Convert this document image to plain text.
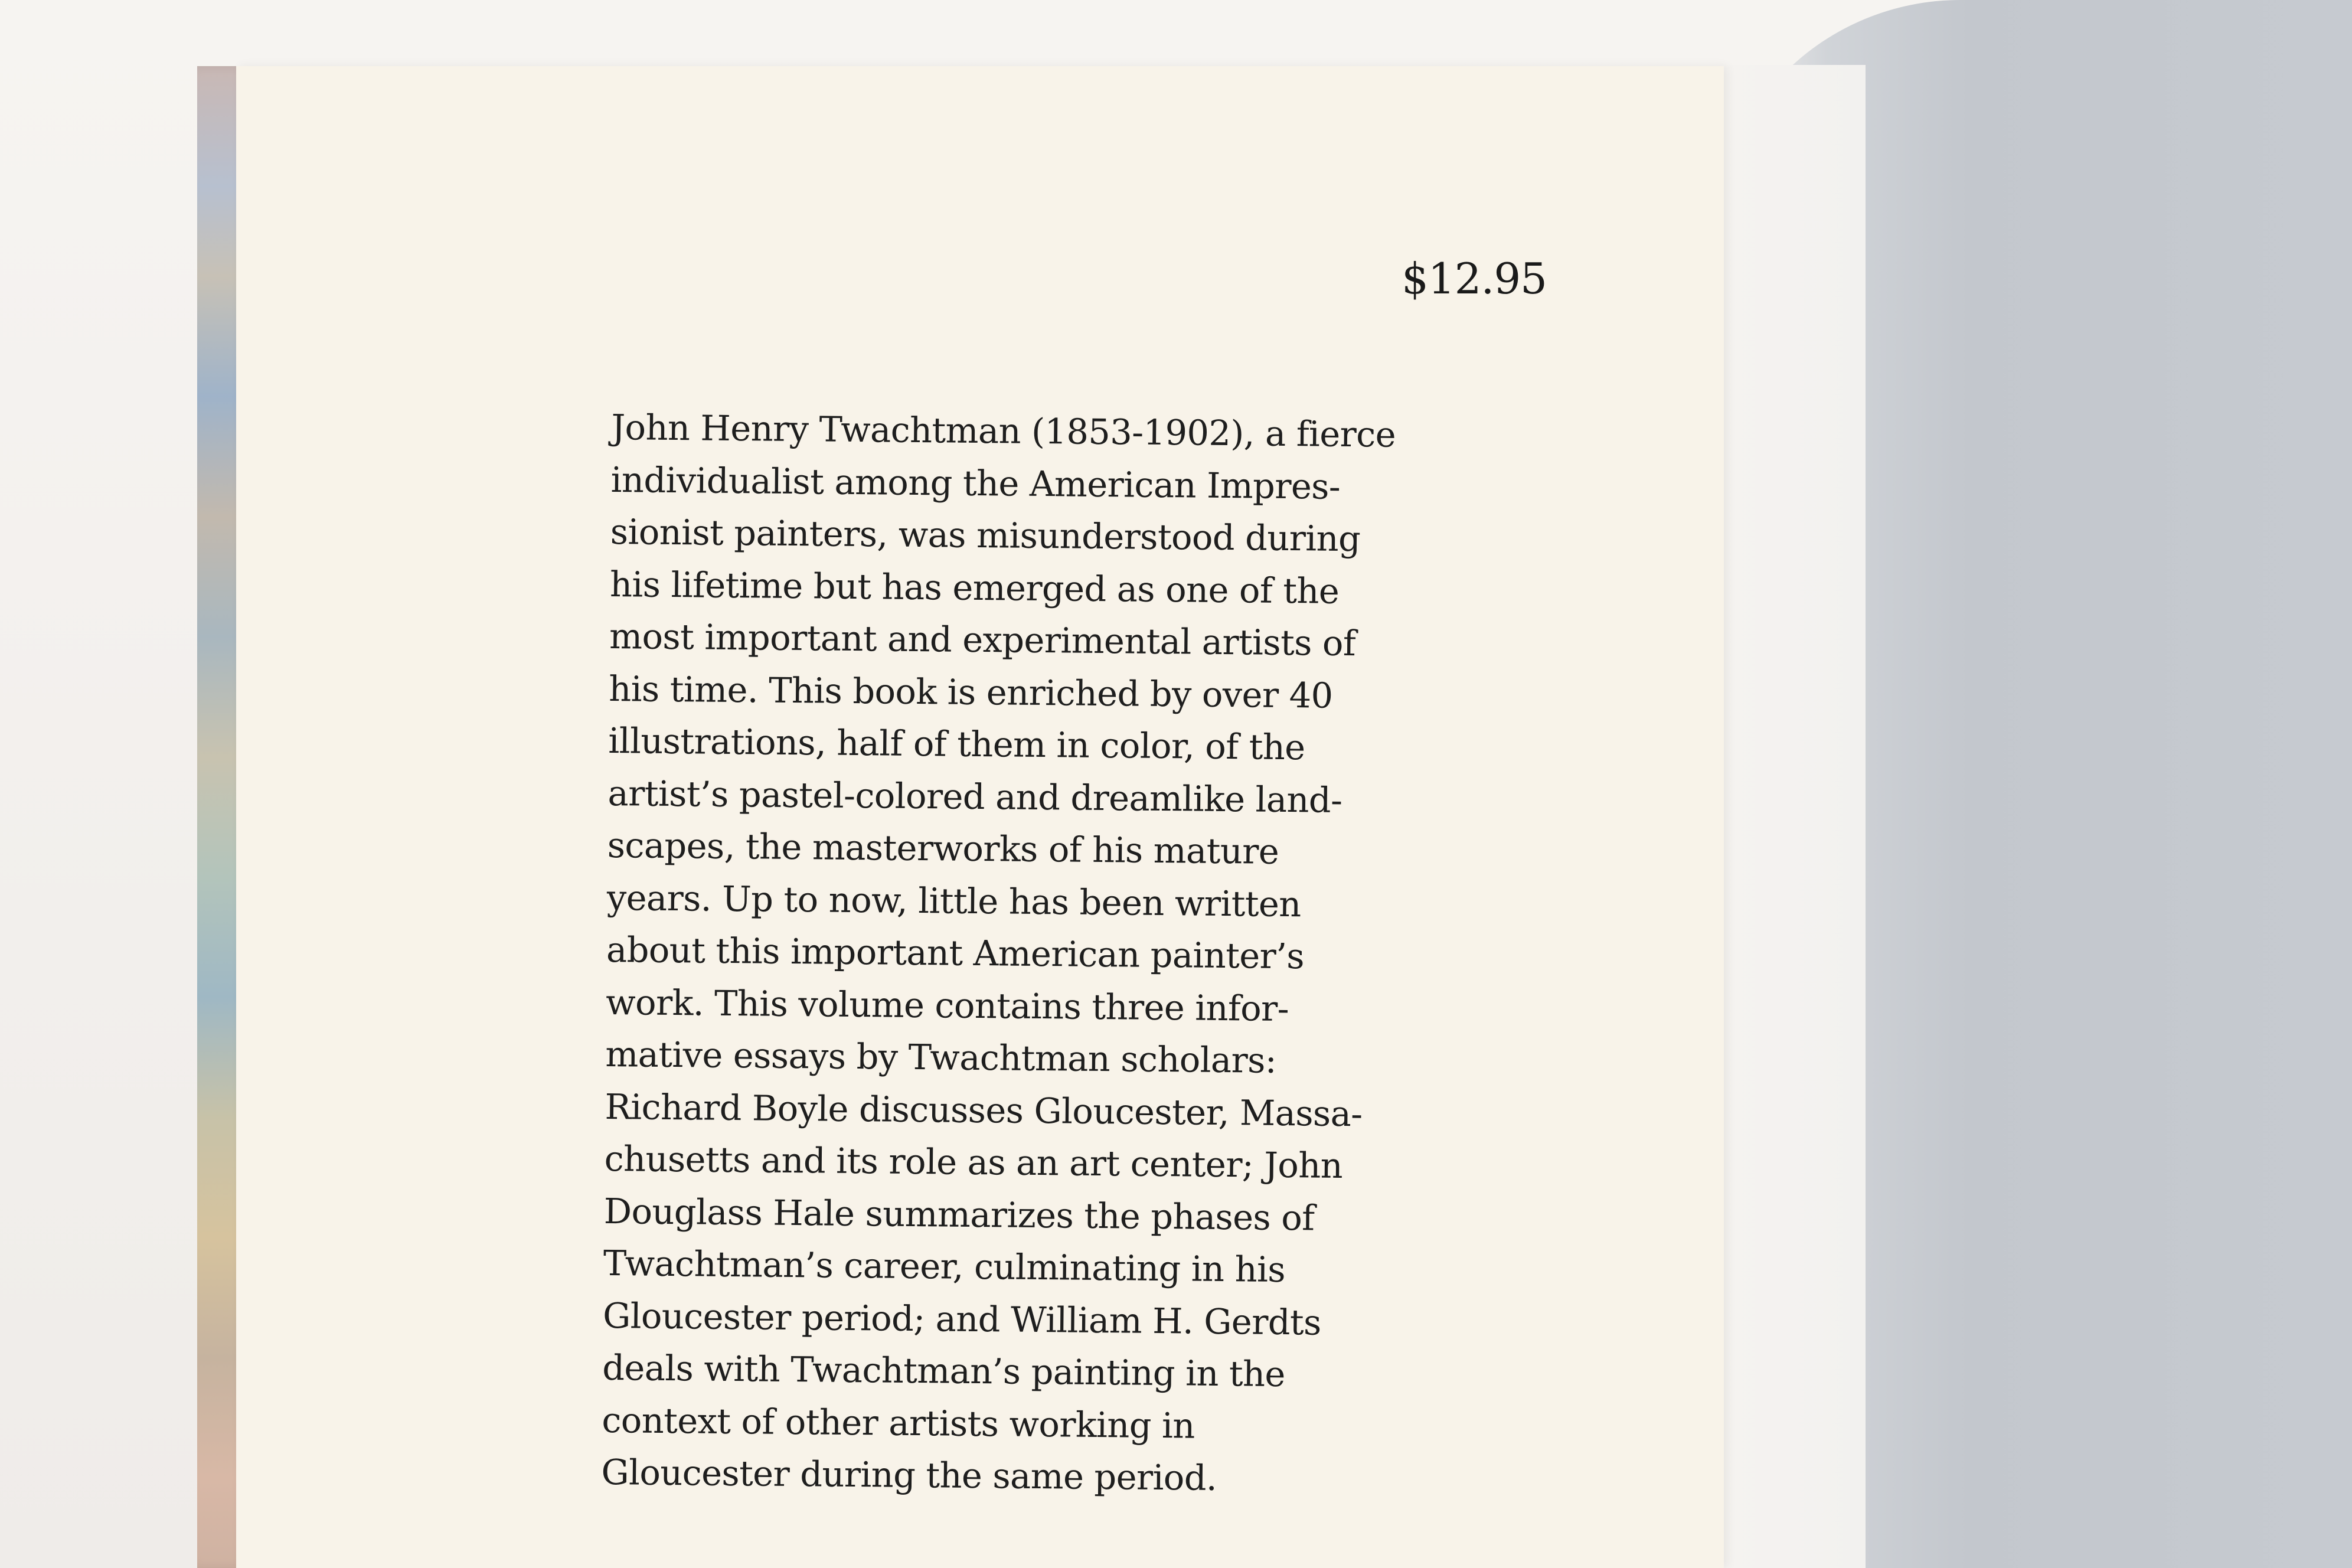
$12.95
John Henry Twachtman (1853-1902), a fierce
individualist among the American Impres-
sionist painters, was misunderstood during
his lifetime but has emerged as one of the
most important and experimental artists of
his time. This book is enriched by over 40
illustrations, half of them in color, of the
artist’s pastel-colored and dreamlike land-
scapes, the masterworks of his mature
years. Up to now, little has been written
about this important American painter’s
work. This volume contains three infor-
mative essays by Twachtman scholars:
Richard Boyle discusses Gloucester, Massa-
chusetts and its role as an art center; John
Douglass Hale summarizes the phases of
Twachtman’s career, culminating in his
Gloucester period; and William H. Gerdts
deals with Twachtman’s painting in the
context of other artists working in
Gloucester during the same period.
